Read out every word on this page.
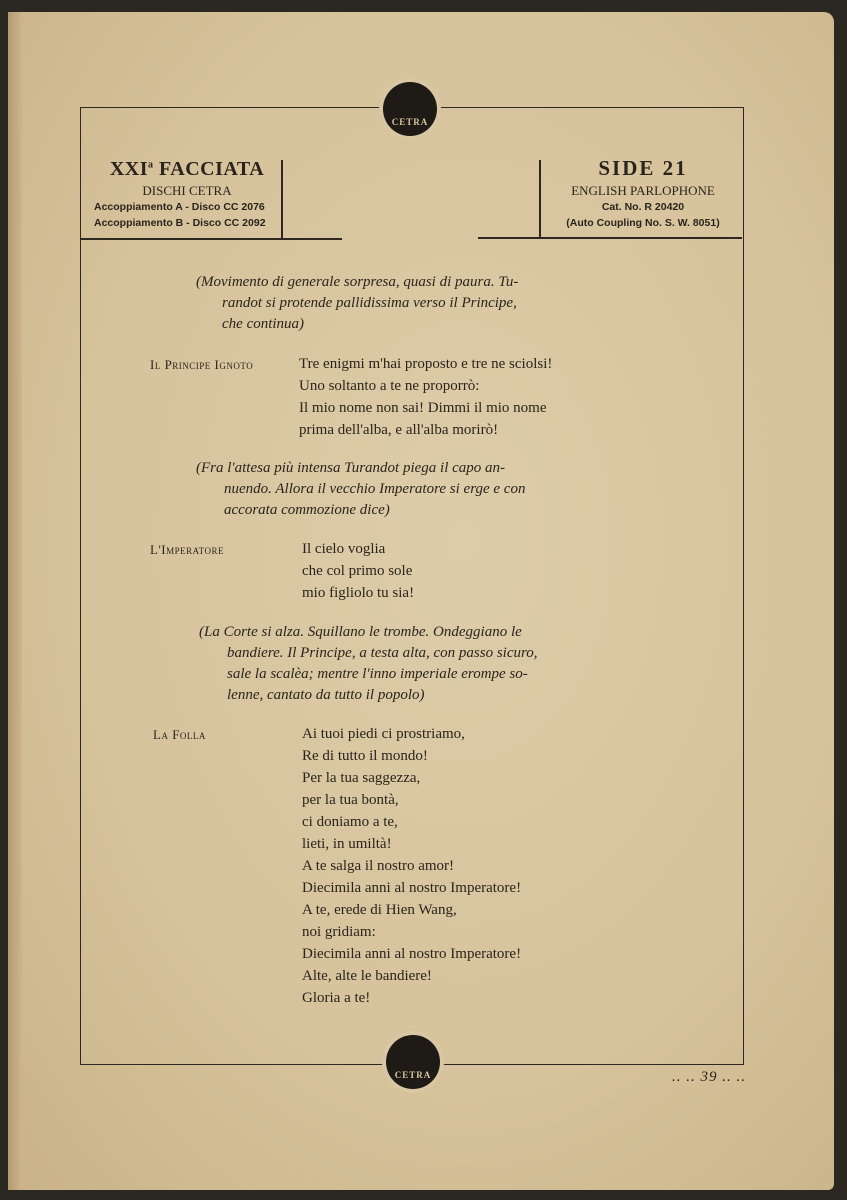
CETRA
XXI$^a$ FACCIATA
DISCHI CETRA
Accoppiamento A - Disco CC 2076
Accoppiamento B - Disco CC 2092
SIDE 21
ENGLISH PARLOPHONE
Cat. No. R 20420
(Auto Coupling No. S. W. 8051)
(Movimento di generale sorpresa, quasi di paura. Tu-
randot si protende pallidissima verso il Principe,
che continua)
Il Principe Ignoto	Tre enigmi m'hai proposto e tre ne sciolsi!
Uno soltanto a te ne proporrò:
Il mio nome non sai! Dimmi il mio nome
prima dell'alba, e all'alba morirò!
(Fra l'attesa più intensa Turandot piega il capo an-
nuendo. Allora il vecchio Imperatore si erge e con
accorata commozione dice)
L'Imperatore	Il cielo voglia
che col primo sole
mio figliolo tu sia!
(La Corte si alza. Squillano le trombe. Ondeggiano le
bandiere. Il Principe, a testa alta, con passo sicuro,
sale la scalèa; mentre l'inno imperiale erompe so-
lenne, cantato da tutto il popolo)
La Folla	Ai tuoi piedi ci prostriamo,
Re di tutto il mondo!
Per la tua saggezza,
per la tua bontà,
ci doniamo a te,
lieti, in umiltà!
A te salga il nostro amor!
Diecimila anni al nostro Imperatore!
A te, erede di Hien Wang,
noi gridiam:
Diecimila anni al nostro Imperatore!
Alte, alte le bandiere!
Gloria a te!
CETRA	.. .. 39 .. ..
